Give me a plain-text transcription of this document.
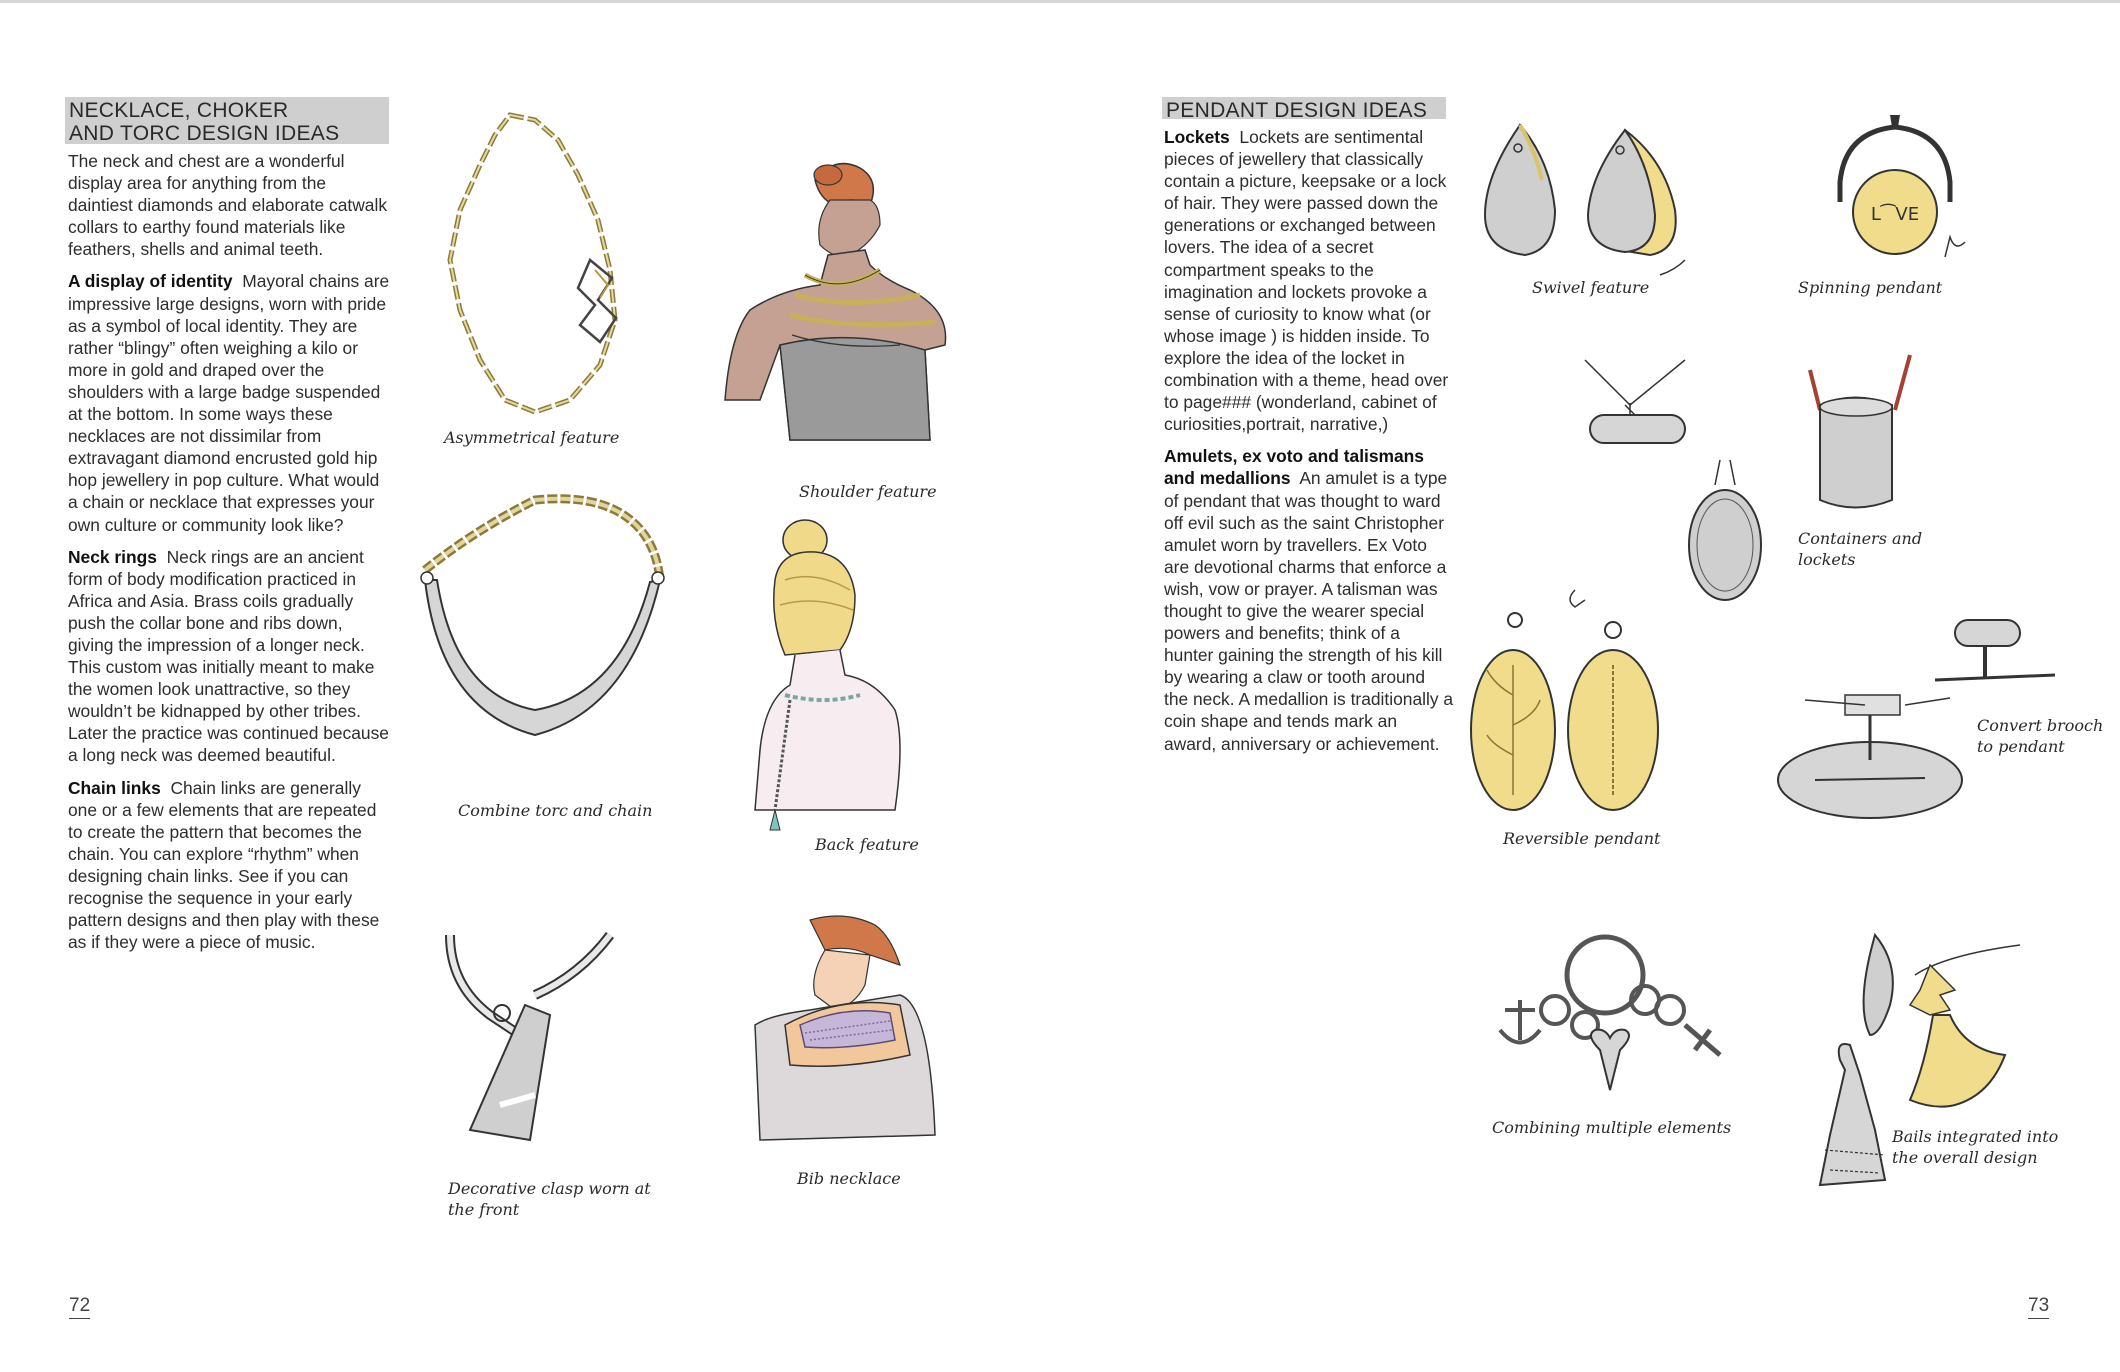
NECKLACE, CHOKER
AND TORC DESIGN IDEAS

The neck and chest are a wonderful display area for anything from the daintiest diamonds and elaborate catwalk collars to earthy found materials like feathers, shells and animal teeth.

A display of identity Mayoral chains are impressive large designs, worn with pride as a symbol of local identity. They are rather “blingy” often weighing a kilo or more in gold and draped over the shoulders with a large badge suspended at the bottom. In some ways these necklaces are not dissimilar from extravagant diamond encrusted gold hip hop jewellery in pop culture. What would a chain or necklace that expresses your own culture or community look like?

Neck rings Neck rings are an ancient form of body modification practiced in Africa and Asia. Brass coils gradually push the collar bone and ribs down, giving the impression of a longer neck. This custom was initially meant to make the women look unattractive, so they wouldn’t be kidnapped by other tribes. Later the practice was continued because a long neck was deemed beautiful.

Chain links Chain links are generally one or a few elements that are repeated to create the pattern that becomes the chain. You can explore “rhythm” when designing chain links. See if you can recognise the sequence in your early pattern designs and then play with these as if they were a piece of music.

Asymmetrical feature
Shoulder feature
Combine torc and chain
Back feature
Decorative clasp worn at
the front
Bib necklace
72
PENDANT DESIGN IDEAS

Lockets Lockets are sentimental pieces of jewellery that classically contain a picture, keepsake or a lock of hair. They were passed down the generations or exchanged between lovers. The idea of a secret compartment speaks to the imagination and lockets provoke a sense of curiosity to know what (or whose image ) is hidden inside. To explore the idea of the locket in combination with a theme, head over to page### (wonderland, cabinet of curiosities,portrait, narrative,)

Amulets, ex voto and talismans and medallions An amulet is a type of pendant that was thought to ward off evil such as the saint Christopher amulet worn by travellers. Ex Voto are devotional charms that enforce a wish, vow or prayer. A talisman was thought to give the wearer special powers and benefits; think of a hunter gaining the strength of his kill by wearing a claw or tooth around the neck. A medallion is traditionally a coin shape and tends mark an award, anniversary or achievement.

Swivel feature
L⁀VE
Spinning pendant
Containers and
lockets
Reversible pendant
Convert brooch
to pendant
Combining multiple elements	Bails integrated into
the overall design
73
